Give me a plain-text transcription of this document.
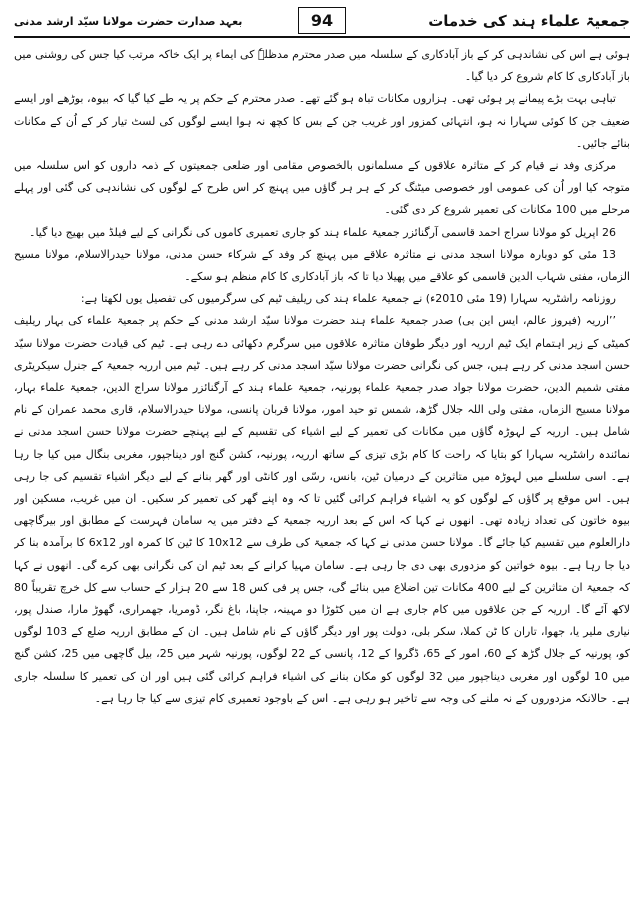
جمعیۃ علماء ہند کی خدمات
94
بعہد صدارت حضرت مولانا سیّد ارشد مدنی

ہوئی ہے اس کی نشاندہی کر کے باز آبادکاری کے سلسلہ میں صدر محترم مدظلہٗ کی ایماء پر ایک خاکہ مرتب کیا جس کی روشنی میں باز آبادکاری کا کام شروع کر دیا گیا۔

تباہی بہت بڑے پیمانے پر ہوئی تھی۔ ہزاروں مکانات تباہ ہو گئے تھے۔ صدر محترم کے حکم پر یہ طے کیا گیا کہ بیوہ، بوڑھے اور ایسے ضعیف جن کا کوئی سہارا نہ ہو، انتہائی کمزور اور غریب جن کے بس کا کچھ نہ ہوا ایسے لوگوں کی لسٹ تیار کر کے اُن کے مکانات بنائے جائیں۔

مرکزی وفد نے قیام کر کے متاثرہ علاقوں کے مسلمانوں بالخصوص مقامی اور ضلعی جمعیتوں کے ذمہ داروں کو اس سلسلہ میں متوجہ کیا اور اُن کی عمومی اور خصوصی میٹنگ کر کے ہر ہر گاؤں میں پہنچ کر اس طرح کے لوگوں کی نشاندہی کی گئی اور پہلے مرحلے میں 100 مکانات کی تعمیر شروع کر دی گئی۔

26 اپریل کو مولانا سراج احمد قاسمی آرگنائزر جمعیۃ علماء ہند کو جاری تعمیری کاموں کی نگرانی کے لیے فیلڈ میں بھیج دیا گیا۔

13 مئی کو دوبارہ مولانا اسجد مدنی نے متاثرہ علاقے میں پہنچ کر وفد کے شرکاء حسن مدنی، مولانا حیدرالاسلام، مولانا مسیح الزماں، مفتی شہاب الدین قاسمی کو علاقے میں پھیلا دیا تا کہ باز آبادکاری کا کام منظم ہو سکے۔

روزنامہ راشٹریہ سہارا (19 مئی 2010ء) نے جمعیۃ علماء ہند کی ریلیف ٹیم کی سرگرمیوں کی تفصیل یوں لکھتا ہے:

’’ارریہ (فیروز عالم، ایس این بی) صدر جمعیۃ علماء ہند حضرت مولانا سیّد ارشد مدنی کے حکم پر جمعیۃ علماء کی بہار ریلیف کمیٹی کے زیر اہتمام ایک ٹیم ارریہ اور دیگر طوفان متاثرہ علاقوں میں سرگرم دکھائی دے رہی ہے۔ ٹیم کی قیادت حضرت مولانا سیّد حسن اسجد مدنی کر رہے ہیں، جس کی نگرانی حضرت مولانا سیّد اسجد مدنی کر رہے ہیں۔ ٹیم میں ارریہ جمعیۃ کے جنرل سیکریٹری مفتی شمیم الدین، حضرت مولانا جواد صدر جمعیۃ علماء پورنیہ، جمعیۃ علماء ہند کے آرگنائزر مولانا سراج الدین، جمعیۃ علماء بہار، مولانا مسیح الزماں، مفتی ولی اللہ جلال گڑھ، شمس تو حید امور، مولانا قربان پانسی، مولانا حیدرالاسلام، قاری محمد عمران کے نام شامل ہیں۔ ارریہ کے لہوڑہ گاؤں میں مکانات کی تعمیر کے لیے اشیاء کی تقسیم کے لیے پہنچے حضرت مولانا حسن اسجد مدنی نے نمائندہ راشٹریہ سہارا کو بتایا کہ راحت کا کام بڑی تیزی کے ساتھ ارریہ، پورنیہ، کشن گنج اور دیناجپور، مغربی بنگال میں کیا جا رہا ہے۔ اسی سلسلے میں لہوڑہ میں متاثرین کے درمیان ٹین، بانس، رسّی اور کانٹی اور گھر بنانے کے لیے دیگر اشیاء تقسیم کی جا رہی ہیں۔ اس موقع پر گاؤں کے لوگوں کو یہ اشیاء فراہم کرائی گئیں تا کہ وہ اپنے گھر کی تعمیر کر سکیں۔ ان میں غریب، مسکین اور بیوہ خاتون کی تعداد زیادہ تھی۔ انھوں نے کہا کہ اس کے بعد ارریہ جمعیۃ کے دفتر میں یہ سامان فہرست کے مطابق اور بیرگاچھی دارالعلوم میں تقسیم کیا جائے گا۔ مولانا حسن مدنی نے کہا کہ جمعیۃ کی طرف سے 10x12 کا ٹین کا کمرہ اور 6x12 کا برآمدہ بنا کر دیا جا رہا ہے۔ بیوہ خواتین کو مزدوری بھی دی جا رہی ہے۔ سامان مہیا کرانے کے بعد ٹیم ان کی نگرانی بھی کرے گی۔ انھوں نے کہا کہ جمعیۃ ان متاثرین کے لیے 400 مکانات تین اضلاع میں بنائے گی، جس پر فی کس 18 سے 20 ہزار کے حساب سے کل خرچ تقریباً 80 لاکھ آئے گا۔ ارریہ کے جن علاقوں میں کام جاری ہے ان میں کٹوڑا دو مہینہ، جاپنا، باغ نگر، ڈومریا، جھمراری، گھوڑ مارا، صندل پور، نیاری ملیر یا، جھوا، تاران کا ٹن کملا، سکر بلی، دولت پور اور دیگر گاؤں کے نام شامل ہیں۔ ان کے مطابق ارریہ ضلع کے 103 لوگوں کو، پورنیہ کے جلال گڑھ کے 60، امور کے 65، ڈگروا کے 12، پانسی کے 22 لوگوں، پورنیہ شہر میں 25، بیل گاچھی میں 25، کشن گنج میں 10 لوگوں اور مغربی دیناجپور میں 32 لوگوں کو مکان بنانے کی اشیاء فراہم کرائی گئی ہیں اور ان کی تعمیر کا سلسلہ جاری ہے۔ حالانکہ مزدوروں کے نہ ملنے کی وجہ سے تاخیر ہو رہی ہے۔ اس کے باوجود تعمیری کام تیزی سے کیا جا رہا ہے۔
